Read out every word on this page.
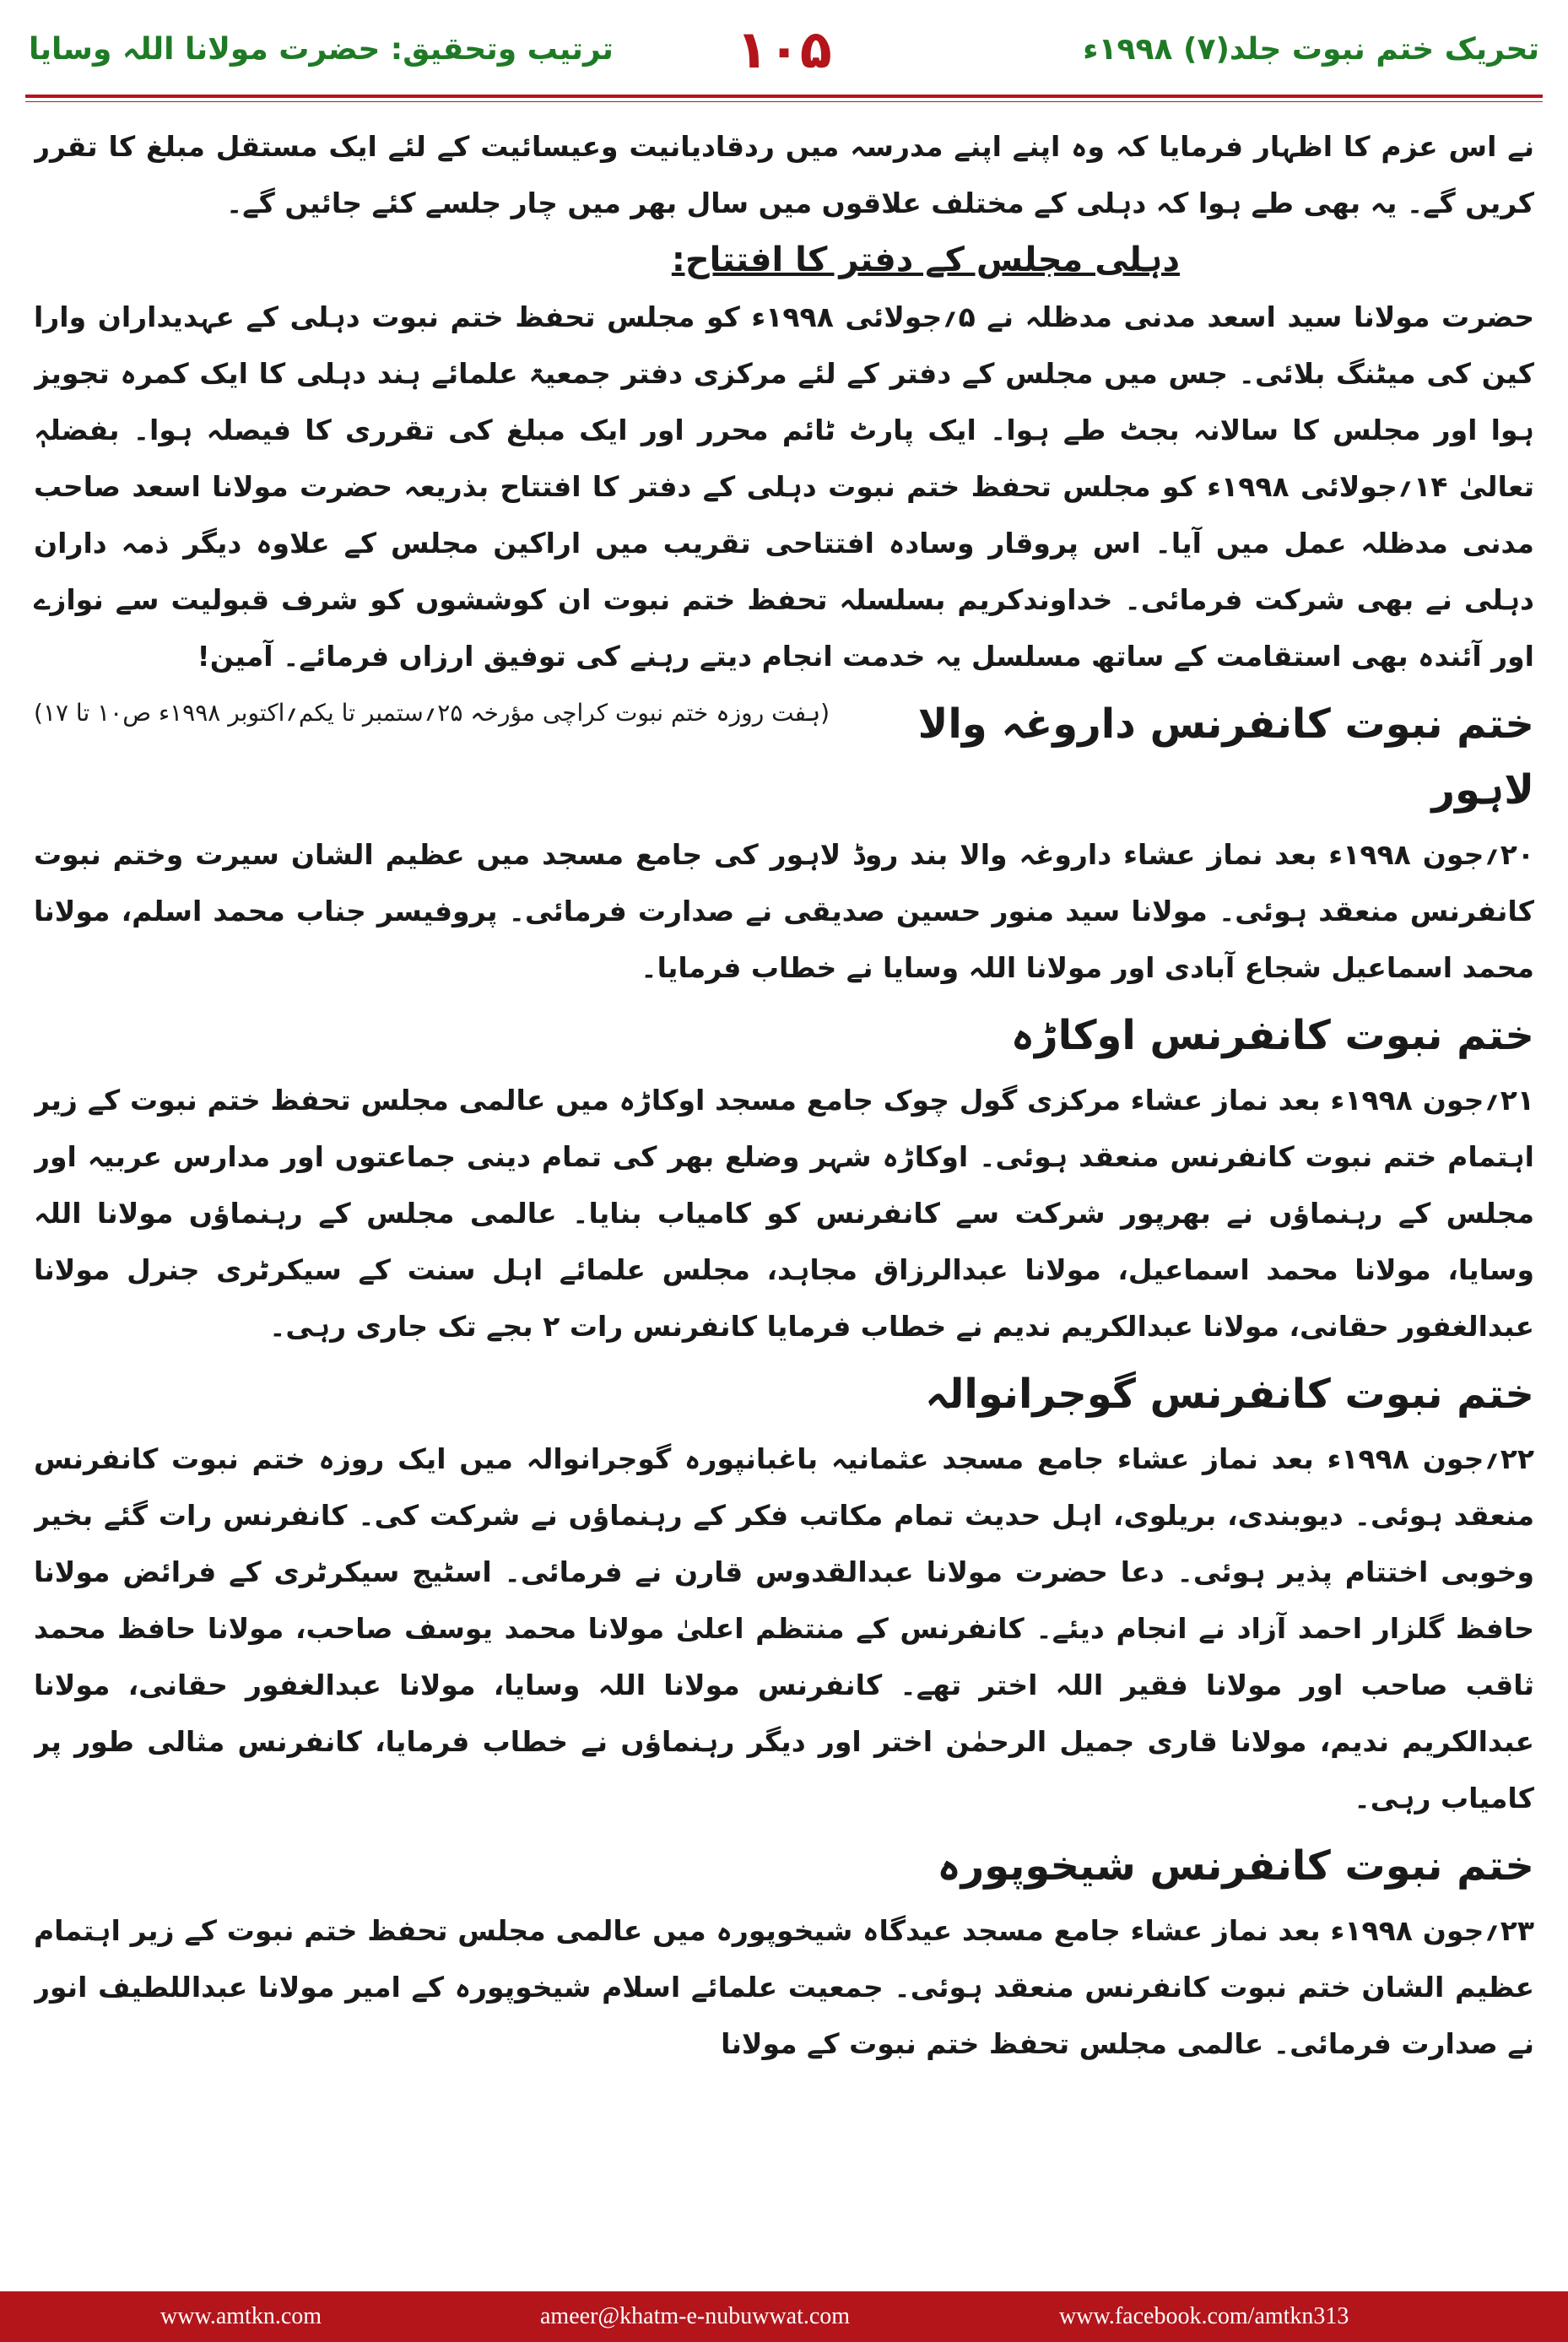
ترتیب وتحقیق: حضرت مولانا اللہ وسایا	۱۰۵	تحریک ختم نبوت جلد(۷) ۱۹۹۸ء

نے اس عزم کا اظہار فرمایا کہ وہ اپنے اپنے مدرسہ میں ردقادیانیت وعیسائیت کے لئے ایک مستقل مبلغ کا تقرر کریں گے۔ یہ بھی طے ہوا کہ دہلی کے مختلف علاقوں میں سال بھر میں چار جلسے کئے جائیں گے۔

دہلی مجلس کے دفتر کا افتتاح:

حضرت مولانا سید اسعد مدنی مدظلہ نے ۵؍جولائی ۱۹۹۸ء کو مجلس تحفظ ختم نبوت دہلی کے عہدیداران وارا کین کی میٹنگ بلائی۔ جس میں مجلس کے دفتر کے لئے مرکزی دفتر جمعیۃ علمائے ہند دہلی کا ایک کمرہ تجویز ہوا اور مجلس کا سالانہ بجٹ طے ہوا۔ ایک پارٹ ٹائم محرر اور ایک مبلغ کی تقرری کا فیصلہ ہوا۔ بفضلہٖ تعالیٰ ۱۴؍جولائی ۱۹۹۸ء کو مجلس تحفظ ختم نبوت دہلی کے دفتر کا افتتاح بذریعہ حضرت مولانا اسعد صاحب مدنی مدظلہ عمل میں آیا۔ اس پروقار وسادہ افتتاحی تقریب میں اراکین مجلس کے علاوہ دیگر ذمہ داران دہلی نے بھی شرکت فرمائی۔ خداوندکریم بسلسلہ تحفظ ختم نبوت ان کوششوں کو شرف قبولیت سے نوازے اور آئندہ بھی استقامت کے ساتھ مسلسل یہ خدمت انجام دیتے رہنے کی توفیق ارزاں فرمائے۔ آمین!
(ہفت روزہ ختم نبوت کراچی مؤرخہ ۲۵؍ستمبر تا یکم؍اکتوبر ۱۹۹۸ء ص۱۰ تا ۱۷)	ختم نبوت کانفرنس داروغہ والا لاہور

۲۰؍جون ۱۹۹۸ء بعد نماز عشاء داروغہ والا بند روڈ لاہور کی جامع مسجد میں عظیم الشان سیرت وختم نبوت کانفرنس منعقد ہوئی۔ مولانا سید منور حسین صدیقی نے صدارت فرمائی۔ پروفیسر جناب محمد اسلم، مولانا محمد اسماعیل شجاع آبادی اور مولانا اللہ وسایا نے خطاب فرمایا۔

ختم نبوت کانفرنس اوکاڑہ

۲۱؍جون ۱۹۹۸ء بعد نماز عشاء مرکزی گول چوک جامع مسجد اوکاڑہ میں عالمی مجلس تحفظ ختم نبوت کے زیر اہتمام ختم نبوت کانفرنس منعقد ہوئی۔ اوکاڑہ شہر وضلع بھر کی تمام دینی جماعتوں اور مدارس عربیہ اور مجلس کے رہنماؤں نے بھرپور شرکت سے کانفرنس کو کامیاب بنایا۔ عالمی مجلس کے رہنماؤں مولانا اللہ وسایا، مولانا محمد اسماعیل، مولانا عبدالرزاق مجاہد، مجلس علمائے اہل سنت کے سیکرٹری جنرل مولانا عبدالغفور حقانی، مولانا عبدالکریم ندیم نے خطاب فرمایا کانفرنس رات ۲ بجے تک جاری رہی۔

ختم نبوت کانفرنس گوجرانوالہ

۲۲؍جون ۱۹۹۸ء بعد نماز عشاء جامع مسجد عثمانیہ باغبانپورہ گوجرانوالہ میں ایک روزہ ختم نبوت کانفرنس منعقد ہوئی۔ دیوبندی، بریلوی، اہل حدیث تمام مکاتب فکر کے رہنماؤں نے شرکت کی۔ کانفرنس رات گئے بخیر وخوبی اختتام پذیر ہوئی۔ دعا حضرت مولانا عبدالقدوس قارن نے فرمائی۔ اسٹیج سیکرٹری کے فرائض مولانا حافظ گلزار احمد آزاد نے انجام دیئے۔ کانفرنس کے منتظم اعلیٰ مولانا محمد یوسف صاحب، مولانا حافظ محمد ثاقب صاحب اور مولانا فقیر اللہ اختر تھے۔ کانفرنس مولانا اللہ وسایا، مولانا عبدالغفور حقانی، مولانا عبدالکریم ندیم، مولانا قاری جمیل الرحمٰن اختر اور دیگر رہنماؤں نے خطاب فرمایا، کانفرنس مثالی طور پر کامیاب رہی۔

ختم نبوت کانفرنس شیخوپورہ

۲۳؍جون ۱۹۹۸ء بعد نماز عشاء جامع مسجد عیدگاہ شیخوپورہ میں عالمی مجلس تحفظ ختم نبوت کے زیر اہتمام عظیم الشان ختم نبوت کانفرنس منعقد ہوئی۔ جمعیت علمائے اسلام شیخوپورہ کے امیر مولانا عبداللطیف انور نے صدارت فرمائی۔ عالمی مجلس تحفظ ختم نبوت کے مولانا

www.amtkn.com	ameer@khatm-e-nubuwwat.com	www.facebook.com/amtkn313
